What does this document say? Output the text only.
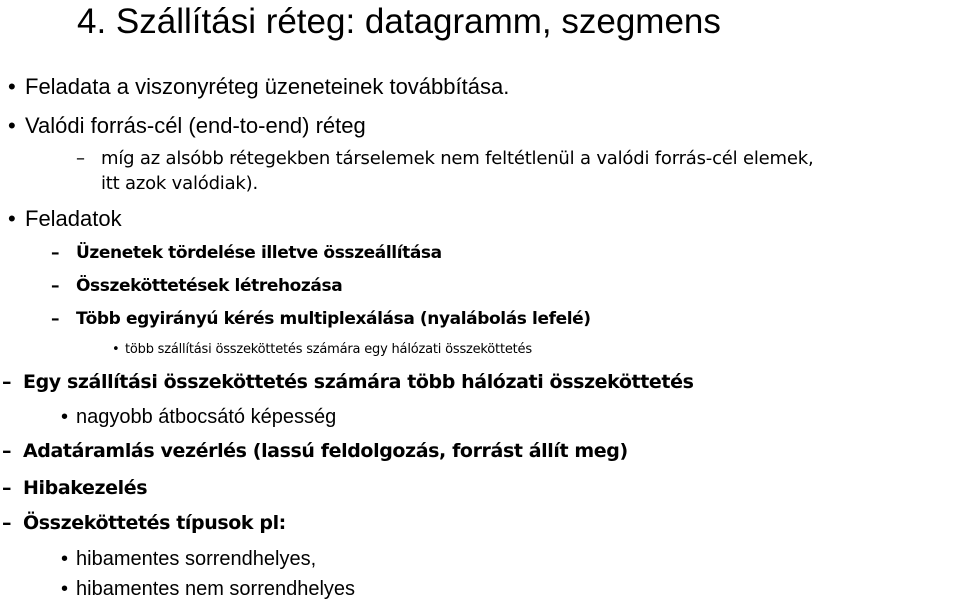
4. Szállítási réteg: datagramm, szegmens
• Feladata a viszonyréteg üzeneteinek továbbítása.
• Valódi forrás-cél (end-to-end) réteg
– míg az alsóbb rétegekben társelemek nem feltétlenül a valódi forrás-cél elemek,
itt azok valódiak).
• Feladatok
– Üzenetek tördelése illetve összeállítása
– Összeköttetések létrehozása
– Több egyirányú kérés multiplexálása (nyalábolás lefelé)
• több szállítási összeköttetés számára egy hálózati összeköttetés
– Egy szállítási összeköttetés számára több hálózati összeköttetés
• nagyobb átbocsátó képesség
– Adatáramlás vezérlés (lassú feldolgozás, forrást állít meg)
– Hibakezelés
– Összeköttetés típusok pl:
• hibamentes sorrendhelyes,
• hibamentes nem sorrendhelyes
